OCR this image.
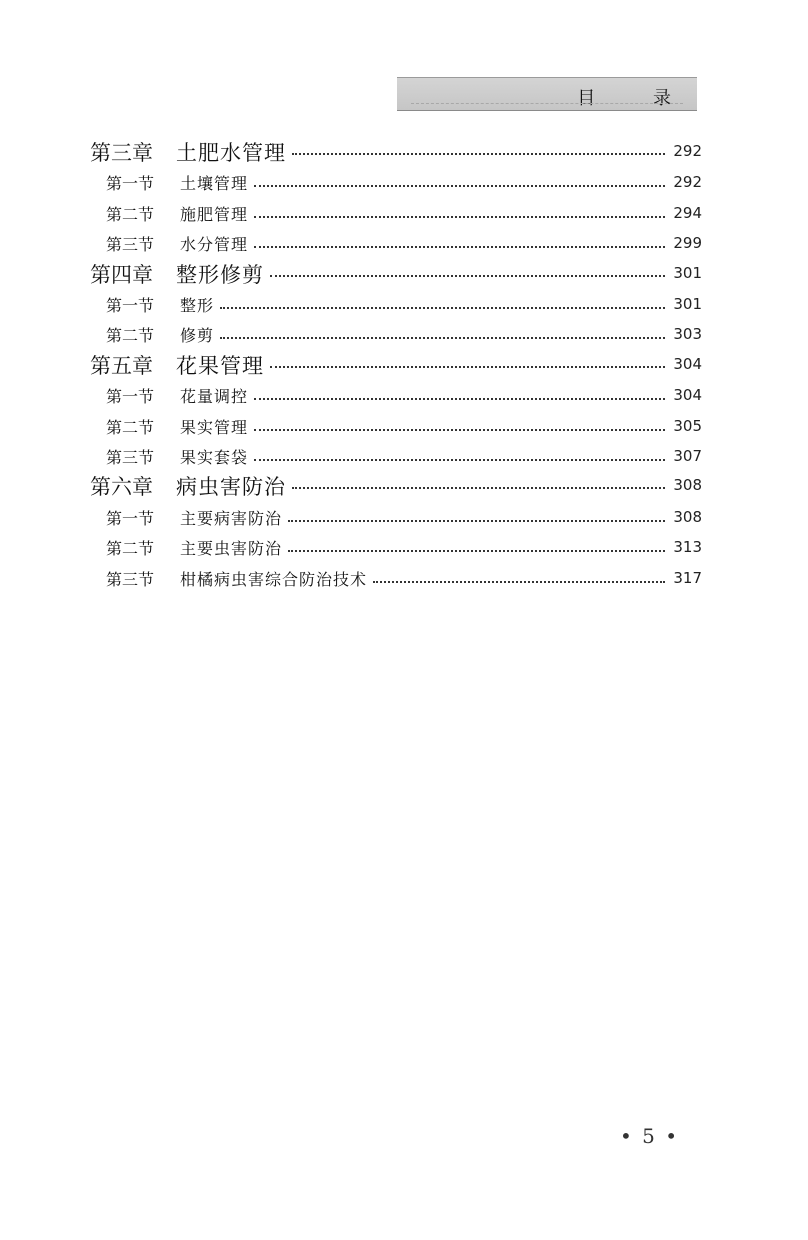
目 录
第三章 土肥水管理	292
第一节 土壤管理	292
第二节 施肥管理	294
第三节 水分管理	299
第四章 整形修剪	301
第一节 整形	301
第二节 修剪	303
第五章 花果管理	304
第一节 花量调控	304
第二节 果实管理	305
第三节 果实套袋	307
第六章 病虫害防治	308
第一节 主要病害防治	308
第二节 主要虫害防治	313
第三节 柑橘病虫害综合防治技术	317
• 5 •
